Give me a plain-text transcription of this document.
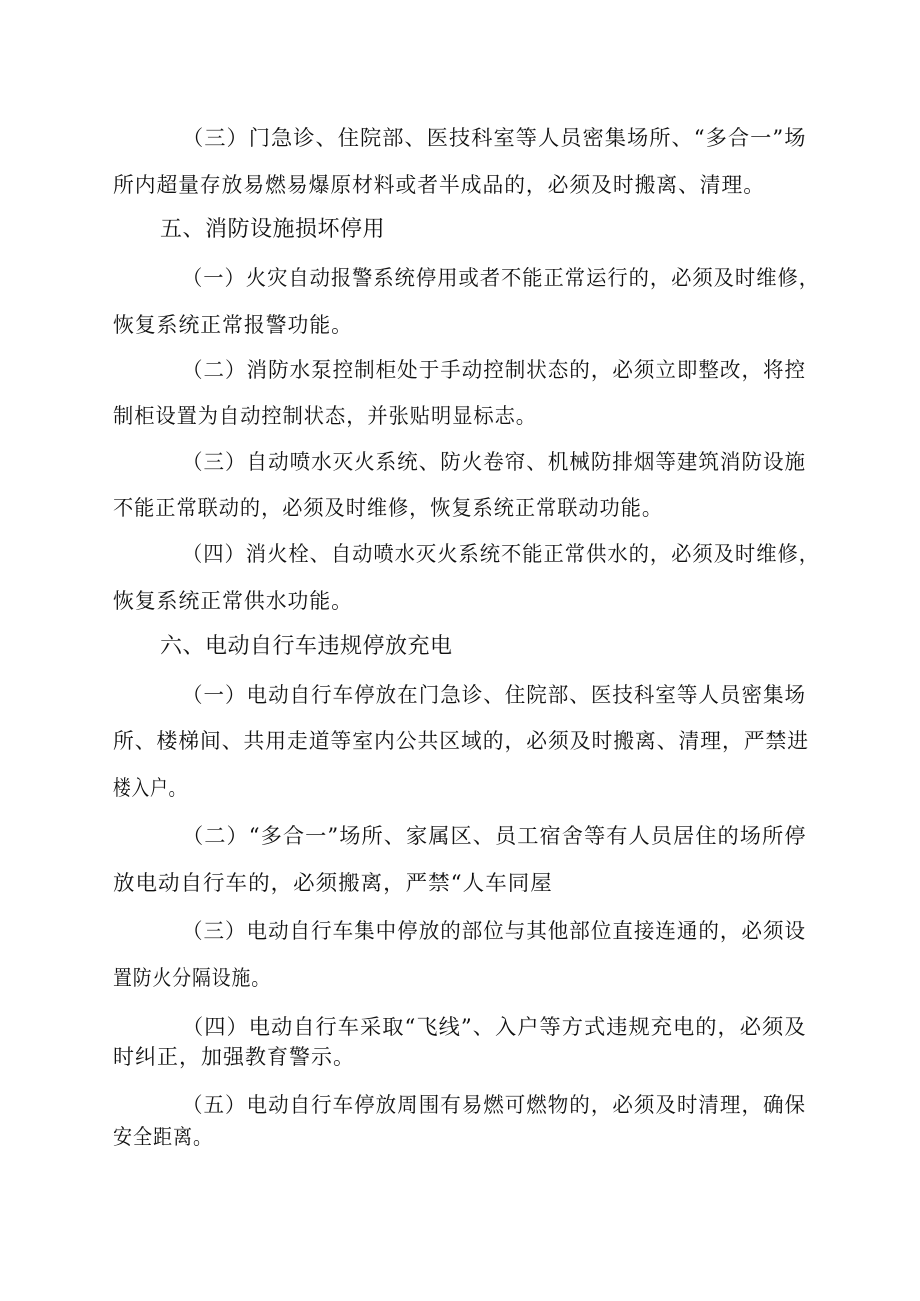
（三）门急诊、住院部、医技科室等人员密集场所、“多合一”场
所内超量存放易燃易爆原材料或者半成品的，必须及时搬离、清理。
五、消防设施损坏停用
（一）火灾自动报警系统停用或者不能正常运行的，必须及时维修，
恢复系统正常报警功能。
（二）消防水泵控制柜处于手动控制状态的，必须立即整改，将控
制柜设置为自动控制状态，并张贴明显标志。
（三）自动喷水灭火系统、防火卷帘、机械防排烟等建筑消防设施
不能正常联动的，必须及时维修，恢复系统正常联动功能。
（四）消火栓、自动喷水灭火系统不能正常供水的，必须及时维修，
恢复系统正常供水功能。
六、电动自行车违规停放充电
（一）电动自行车停放在门急诊、住院部、医技科室等人员密集场
所、楼梯间、共用走道等室内公共区域的，必须及时搬离、清理，严禁进
楼入户。
（二）“多合一”场所、家属区、员工宿舍等有人员居住的场所停
放电动自行车的，必须搬离，严禁“人车同屋
（三）电动自行车集中停放的部位与其他部位直接连通的，必须设
置防火分隔设施。
（四）电动自行车采取“飞线”、入户等方式违规充电的，必须及
时纠正，加强教育警示。
（五）电动自行车停放周围有易燃可燃物的，必须及时清理，确保
安全距离。
